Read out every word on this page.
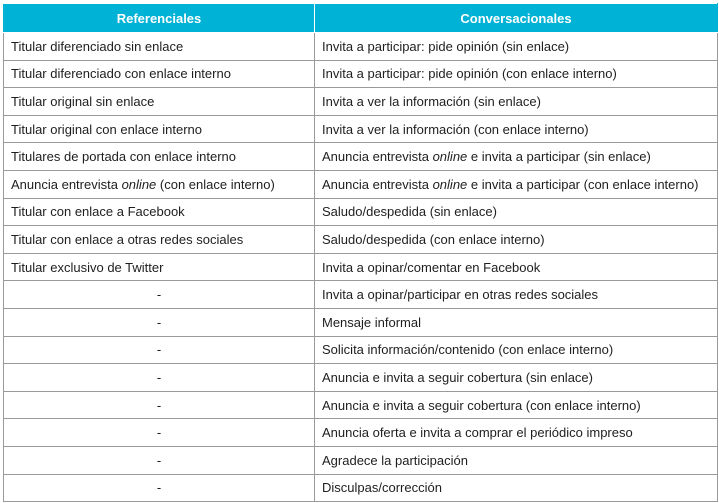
Referenciales	Conversacionales
Titular diferenciado sin enlace	Invita a participar: pide opinión (sin enlace)
Titular diferenciado con enlace interno	Invita a participar: pide opinión (con enlace interno)
Titular original sin enlace	Invita a ver la información (sin enlace)
Titular original con enlace interno	Invita a ver la información (con enlace interno)
Titulares de portada con enlace interno	Anuncia entrevista online e invita a participar (sin enlace)
Anuncia entrevista online (con enlace interno)	Anuncia entrevista online e invita a participar (con enlace interno)
Titular con enlace a Facebook	Saludo/despedida (sin enlace)
Titular con enlace a otras redes sociales	Saludo/despedida (con enlace interno)
Titular exclusivo de Twitter	Invita a opinar/comentar en Facebook
-	Invita a opinar/participar en otras redes sociales
-	Mensaje informal
-	Solicita información/contenido (con enlace interno)
-	Anuncia e invita a seguir cobertura (sin enlace)
-	Anuncia e invita a seguir cobertura (con enlace interno)
-	Anuncia oferta e invita a comprar el periódico impreso
-	Agradece la participación
-	Disculpas/corrección
